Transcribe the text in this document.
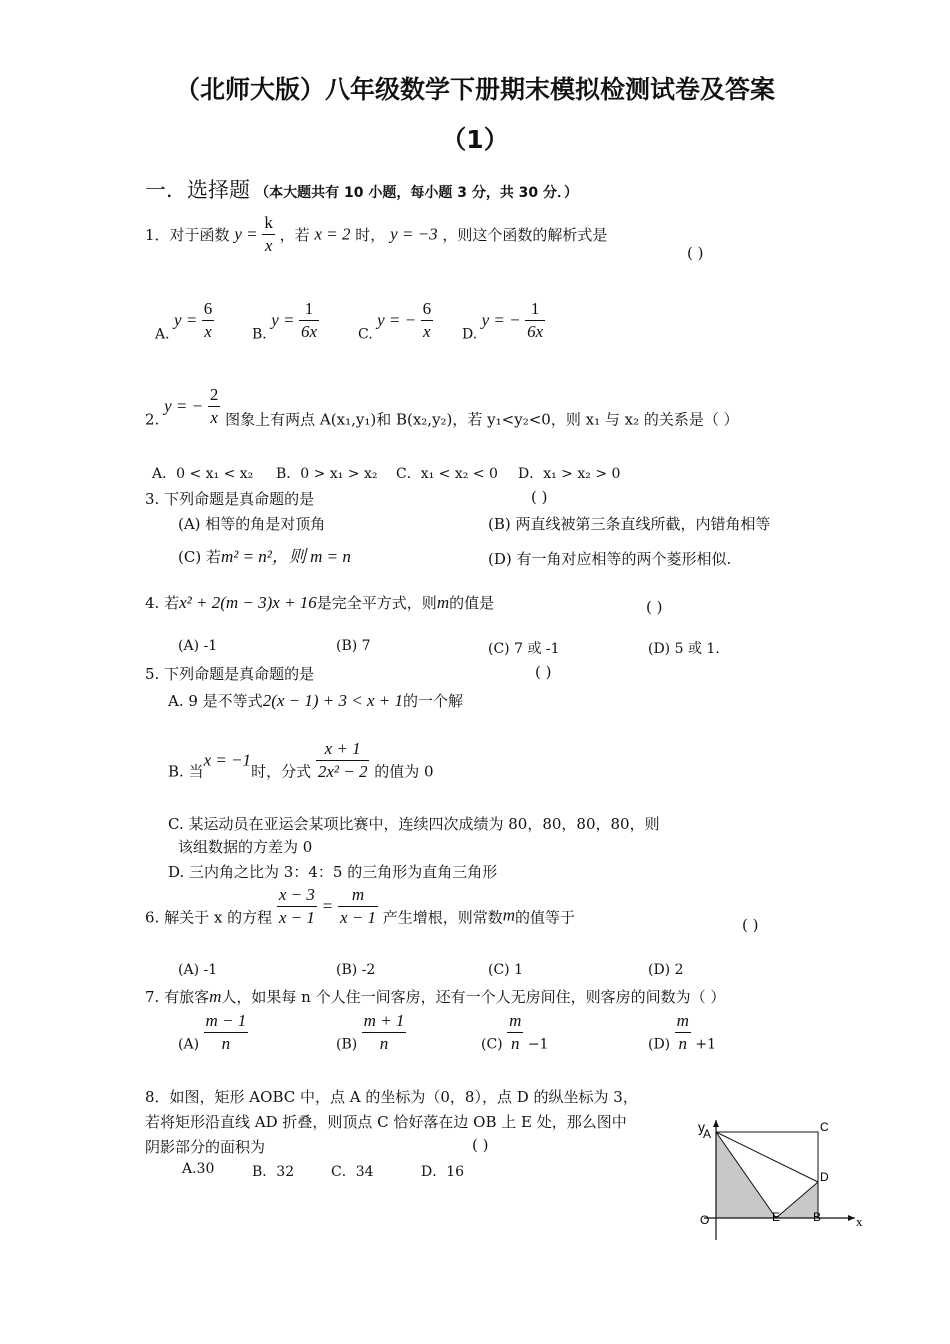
（北师大版）八年级数学下册期末模拟检测试卷及答案
（1）
一．选择题 （本大题共有 10 小题，每小题 3 分，共 30 分．）
1．对于函数 $y = \frac{k}{x}$ ，若 x = 2 时， y = −3 ，则这个函数的解析式是
( )
A. $y = \frac{6}{x}$	B. $y = \frac{1}{6x}$	C. y = − $\frac{6}{x} D$. y = − $\frac{1}{6x}$
2. y = − $\frac{2}{x}$ 图象上有两点 A(x₁,y₁)和 B(x₂,y₂)，若 y₁<y₂<0，则 x₁ 与 x₂ 的关系是（ ）
A．0 < x₁ < x₂ B．0 > x₁ > x₂ C．x₁ < x₂ < 0 D．x₁ > x₂ > 0
3. 下列命题是真命题的是	( )
(A) 相等的角是对顶角	(B) 两直线被第三条直线所截，内错角相等
(C) 若m² = n²，则 m = n	(D) 有一角对应相等的两个菱形相似.
4. 若x² + 2(m − 3)x + 16是完全平方式，则m的值是	( )
(A) -1	(B) 7	(C) 7 或 -1	(D) 5 或 1.
5. 下列命题是真命题的是	( )
A. 9 是不等式2(x − 1) + 3 < x + 1的一个解
B. 当x = −1时，分式 $\frac{x + 1}{\text{2x² − 2}}$ 的值为 0
C. 某运动员在亚运会某项比赛中，连续四次成绩为 80，80，80，80，则
该组数据的方差为 0
D. 三内角之比为 3：4：5 的三角形为直角三角形
6. 解关于 x 的方程 $\frac{x - 3}{x - 1} = \frac{m}{x - 1}$ 产生增根，则常数m的值等于	( )
(A) -1	(B) -2	(C) 1	(D) 2
7. 有旅客m人，如果每 n 个人住一间客房，还有一个人无房间住，则客房的间数为（ ）
$(A) \frac{m - 1}{n}$	$(B) \frac{m + 1}{n}$	$(C) \frac{m}{n} -1$	$(D) \frac{m}{n} +1$
8．如图，矩形 AOBC 中，点 A 的坐标为（0，8），点 D 的纵坐标为 3，
若将矩形沿直线 AD 折叠，则顶点 C 恰好落在边 OB 上 E 处，那么图中
阴影部分的面积为	( )
A.30	B．32	C．34	D．16
y
A	C
D
O	E	B	x
